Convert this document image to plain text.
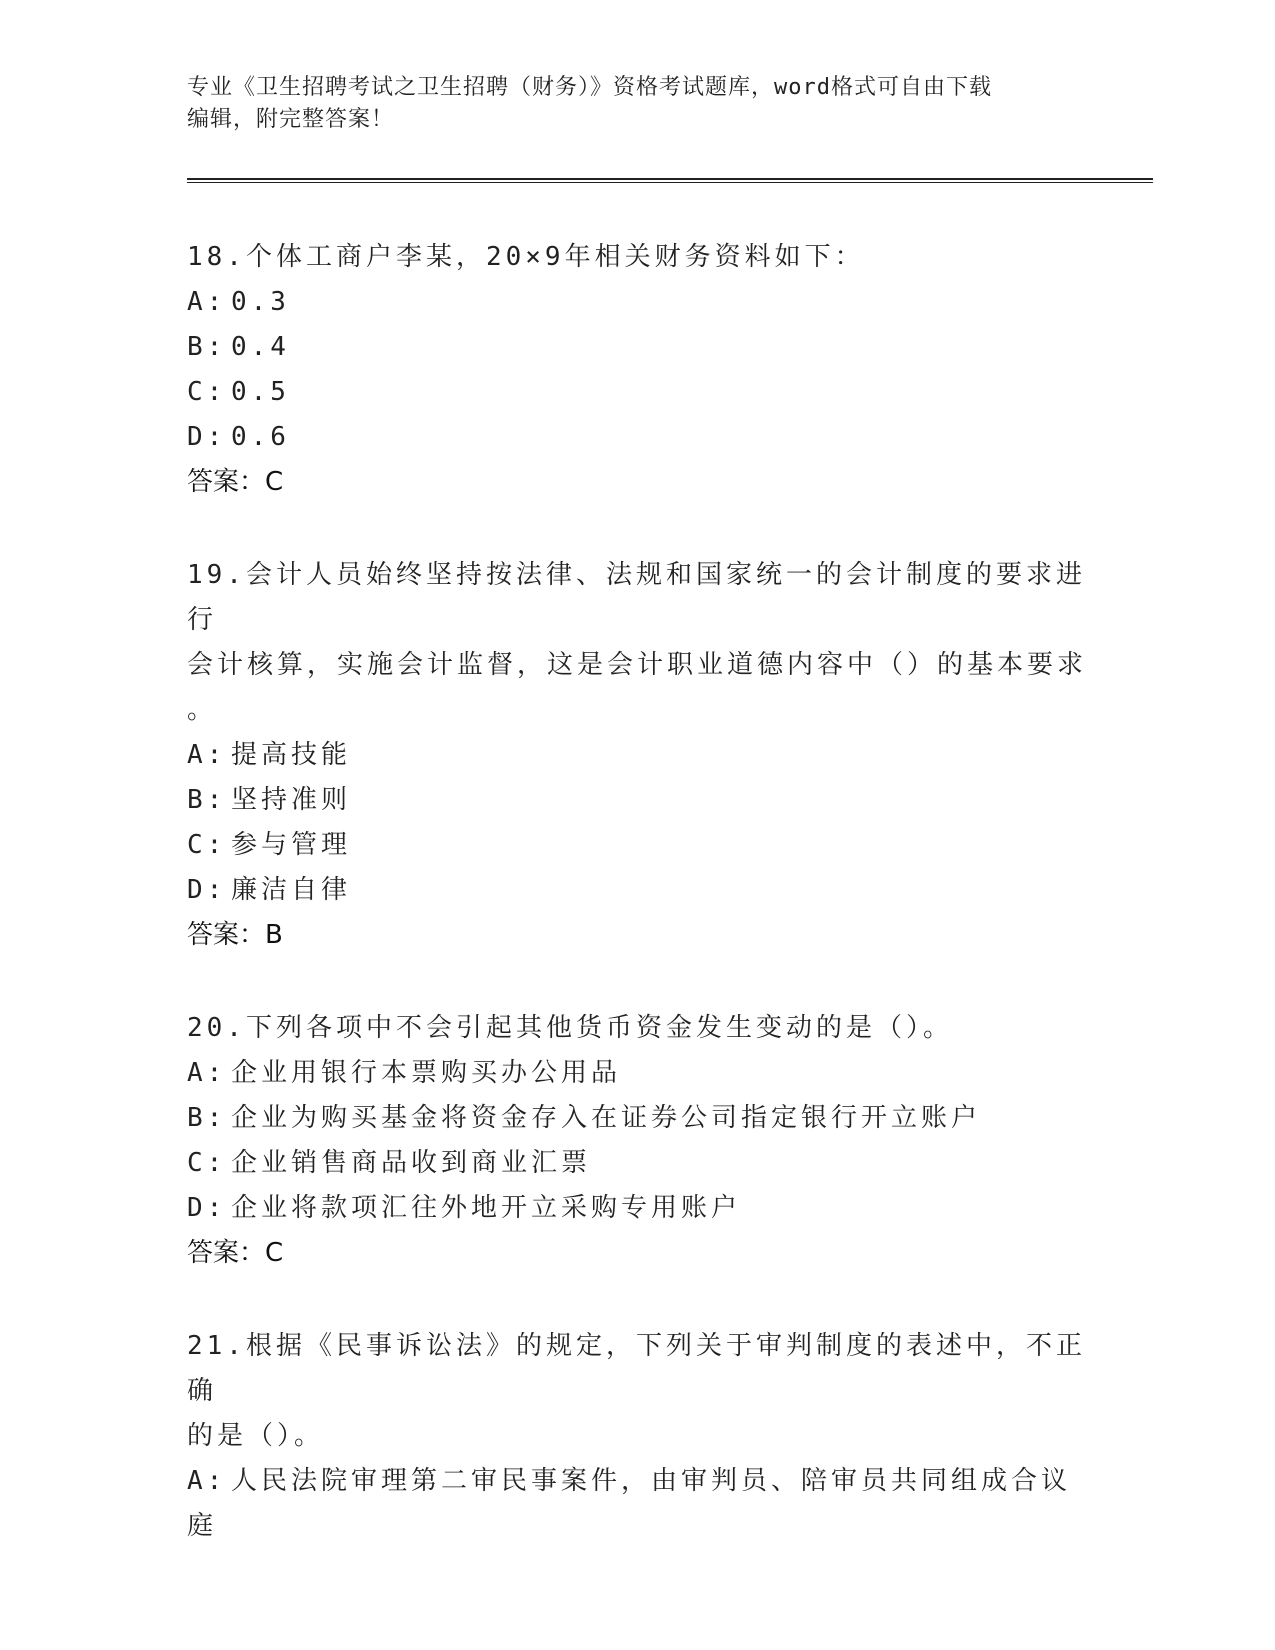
专业《卫生招聘考试之卫生招聘（财务）》资格考试题库，word格式可自由下载
编辑，附完整答案！

18.个体工商户李某，20×9年相关财务资料如下：

A: 0.3

B: 0.4

C: 0.5

D: 0.6

答案：C

19.会计人员始终坚持按法律、法规和国家统一的会计制度的要求进行

会计核算，实施会计监督，这是会计职业道德内容中（）的基本要求

。

A: 提高技能

B: 坚持准则

C: 参与管理

D: 廉洁自律

答案：B

20.下列各项中不会引起其他货币资金发生变动的是（）。

A: 企业用银行本票购买办公用品

B: 企业为购买基金将资金存入在证券公司指定银行开立账户

C: 企业销售商品收到商业汇票

D: 企业将款项汇往外地开立采购专用账户

答案：C

21.根据《民事诉讼法》的规定，下列关于审判制度的表述中，不正确

的是（）。

A: 人民法院审理第二审民事案件，由审判员、陪审员共同组成合议庭
